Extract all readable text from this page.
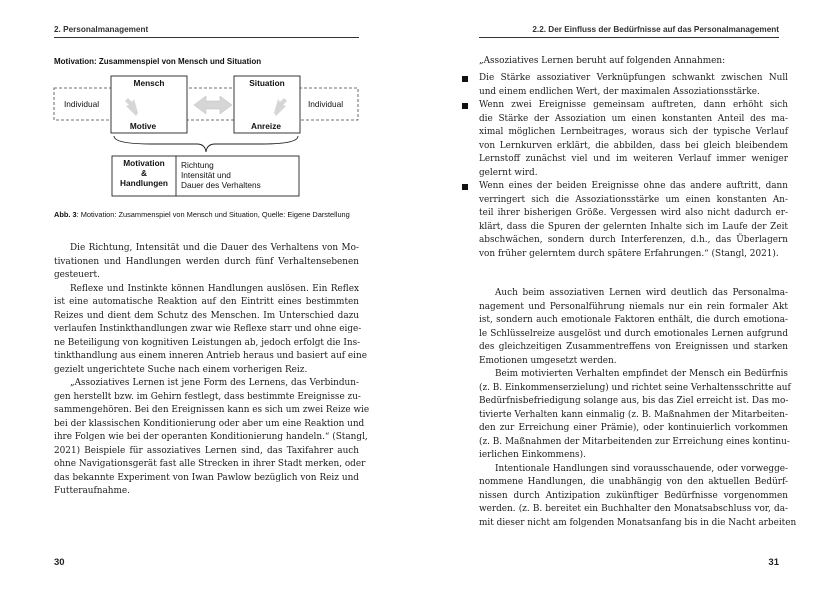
2. Personalmanagement
Motivation: Zusammenspiel von Mensch und Situation
Mensch	Situation
Individual	Individual
Motive	Anreize
Motivation
&
Handlungen
Richtung
Intensität und
Dauer des Verhaltens
Abb. 3: Motivation: Zusammenspiel von Mensch und Situation, Quelle: Eigene Darstellung
Die Richtung, Intensität und die Dauer des Verhaltens von Mo-
tivationen und Handlungen werden durch fünf Verhaltensebenen
gesteuert.
Reflexe und Instinkte können Handlungen auslösen. Ein Reflex
ist eine automatische Reaktion auf den Eintritt eines bestimmten
Reizes und dient dem Schutz des Menschen. Im Unterschied dazu
verlaufen Instinkthandlungen zwar wie Reflexe starr und ohne eige-
ne Beteiligung von kognitiven Leistungen ab, jedoch erfolgt die Ins-
tinkthandlung aus einem inneren Antrieb heraus und basiert auf eine
gezielt ungerichtete Suche nach einem vorherigen Reiz.
„Assoziatives Lernen ist jene Form des Lernens, das Verbindun-
gen herstellt bzw. im Gehirn festlegt, dass bestimmte Ereignisse zu-
sammengehören. Bei den Ereignissen kann es sich um zwei Reize wie
bei der klassischen Konditionierung oder aber um eine Reaktion und
ihre Folgen wie bei der operanten Konditionierung handeln.“ (Stangl,
2021) Beispiele für assoziatives Lernen sind, das Taxifahrer auch
ohne Navigationsgerät fast alle Strecken in ihrer Stadt merken, oder
das bekannte Experiment von Iwan Pawlow bezüglich von Reiz und
Futteraufnahme.
30
2.2. Der Einfluss der Bedürfnisse auf das Personalmanagement
31
„Assoziatives Lernen beruht auf folgenden Annahmen:
Die Stärke assoziativer Verknüpfungen schwankt zwischen Null
und einem endlichen Wert, der maximalen Assoziationsstärke.
Wenn zwei Ereignisse gemeinsam auftreten, dann erhöht sich
die Stärke der Assoziation um einen konstanten Anteil des ma-
ximal möglichen Lernbeitrages, woraus sich der typische Verlauf
von Lernkurven erklärt, die abbilden, dass bei gleich bleibendem
Lernstoff zunächst viel und im weiteren Verlauf immer weniger
gelernt wird.
Wenn eines der beiden Ereignisse ohne das andere auftritt, dann
verringert sich die Assoziationsstärke um einen konstanten An-
teil ihrer bisherigen Größe. Vergessen wird also nicht dadurch er-
klärt, dass die Spuren der gelernten Inhalte sich im Laufe der Zeit
abschwächen, sondern durch Interferenzen, d.h., das Überlagern
von früher gelerntem durch spätere Erfahrungen.“ (Stangl, 2021).
Auch beim assoziativen Lernen wird deutlich das Personalma-
nagement und Personalführung niemals nur ein rein formaler Akt
ist, sondern auch emotionale Faktoren enthält, die durch emotiona-
le Schlüsselreize ausgelöst und durch emotionales Lernen aufgrund
des gleichzeitigen Zusammentreffens von Ereignissen und starken
Emotionen umgesetzt werden.
Beim motivierten Verhalten empfindet der Mensch ein Bedürfnis
(z. B. Einkommenserzielung) und richtet seine Verhaltensschritte auf
Bedürfnisbefriedigung solange aus, bis das Ziel erreicht ist. Das mo-
tivierte Verhalten kann einmalig (z. B. Maßnahmen der Mitarbeiten-
den zur Erreichung einer Prämie), oder kontinuierlich vorkommen
(z. B. Maßnahmen der Mitarbeitenden zur Erreichung eines kontinu-
ierlichen Einkommens).
Intentionale Handlungen sind vorausschauende, oder vorwegge-
nommene Handlungen, die unabhängig von den aktuellen Bedürf-
nissen durch Antizipation zukünftiger Bedürfnisse vorgenommen
werden. (z. B. bereitet ein Buchhalter den Monatsabschluss vor, da-
mit dieser nicht am folgenden Monatsanfang bis in die Nacht arbeiten
